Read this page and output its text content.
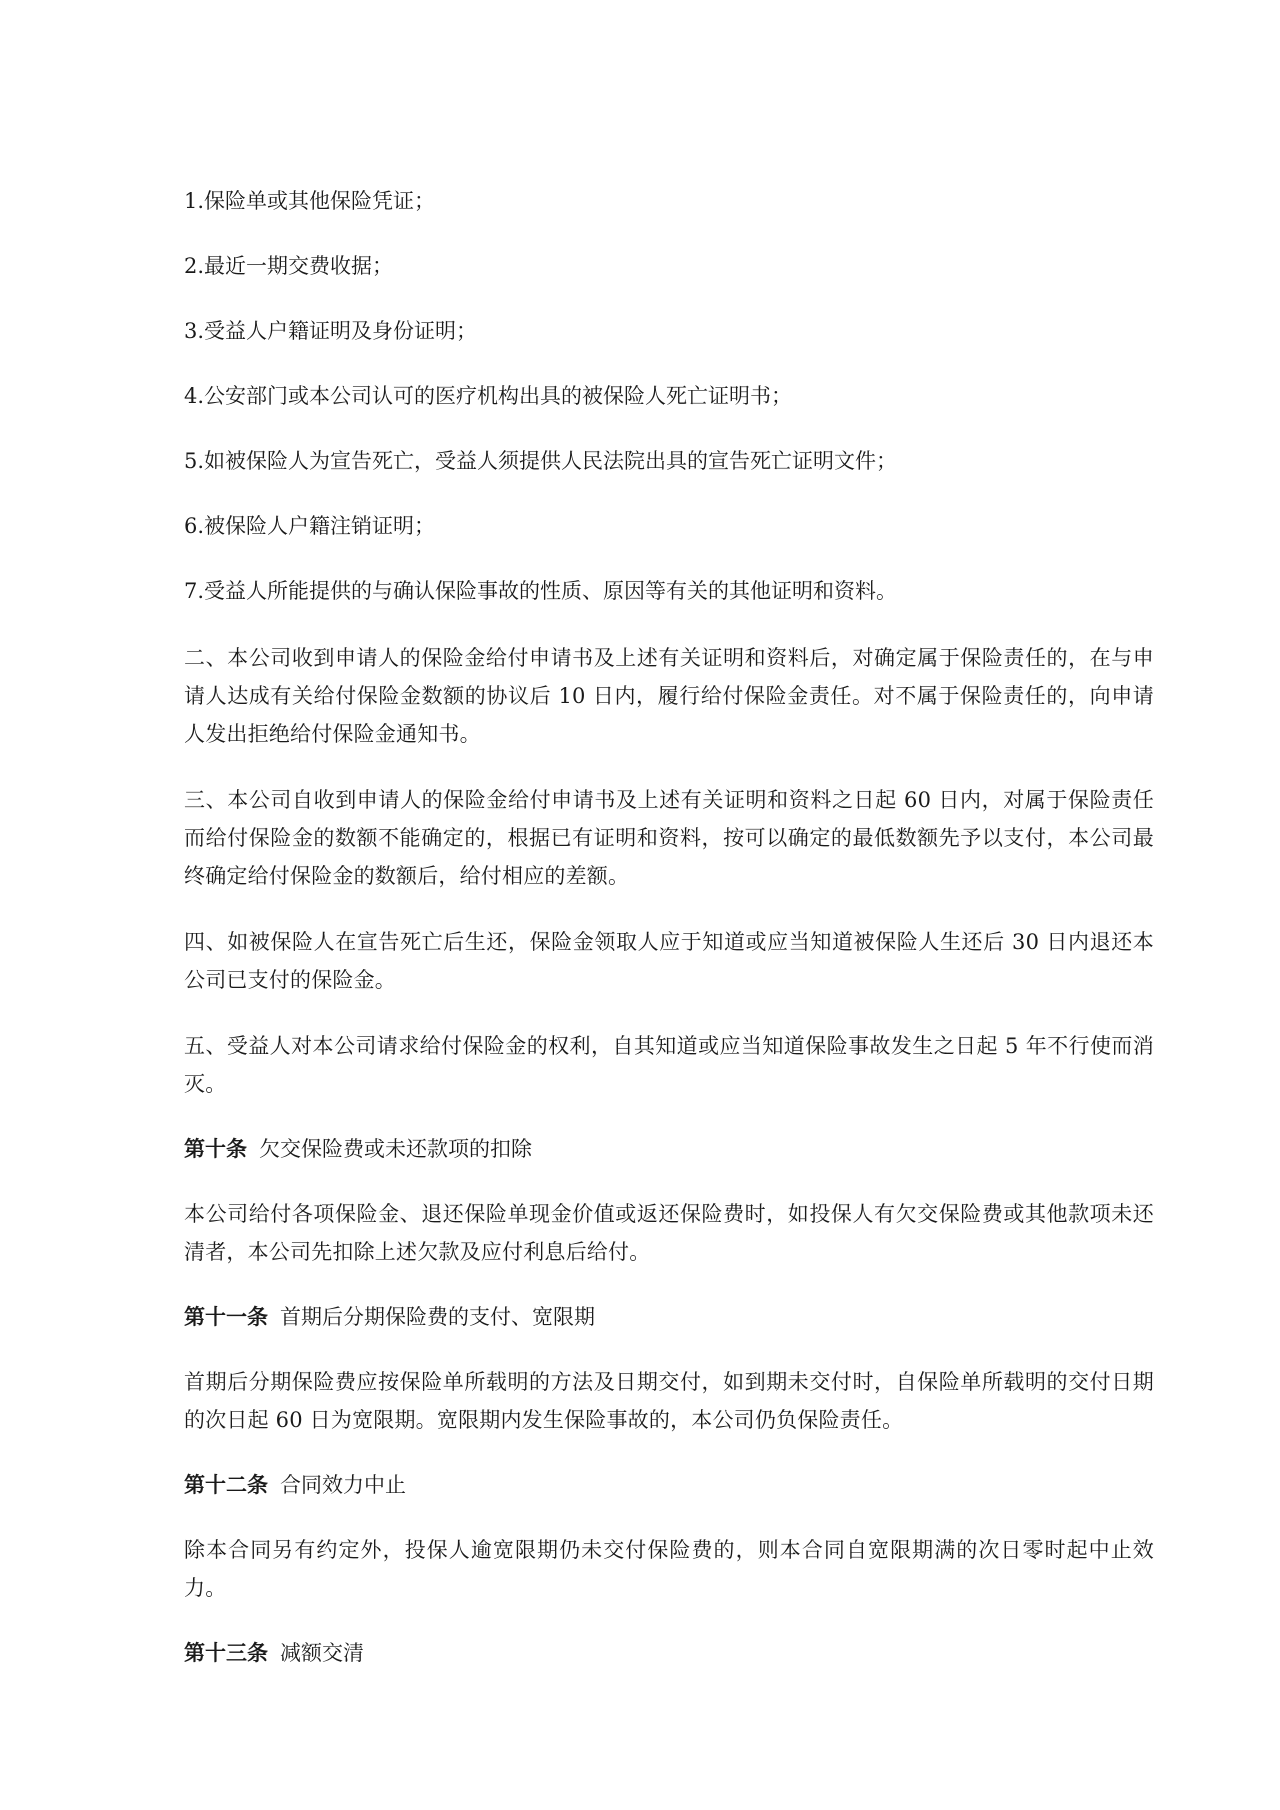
1.保险单或其他保险凭证；

2.最近一期交费收据；

3.受益人户籍证明及身份证明；

4.公安部门或本公司认可的医疗机构出具的被保险人死亡证明书；

5.如被保险人为宣告死亡，受益人须提供人民法院出具的宣告死亡证明文件；

6.被保险人户籍注销证明；

7.受益人所能提供的与确认保险事故的性质、原因等有关的其他证明和资料。

二、本公司收到申请人的保险金给付申请书及上述有关证明和资料后，对确定属于保险责任的，在与申请人达成有关给付保险金数额的协议后 10 日内，履行给付保险金责任。对不属于保险责任的，向申请人发出拒绝给付保险金通知书。

三、本公司自收到申请人的保险金给付申请书及上述有关证明和资料之日起 60 日内，对属于保险责任而给付保险金的数额不能确定的，根据已有证明和资料，按可以确定的最低数额先予以支付，本公司最终确定给付保险金的数额后，给付相应的差额。

四、如被保险人在宣告死亡后生还，保险金领取人应于知道或应当知道被保险人生还后 30 日内退还本公司已支付的保险金。

五、受益人对本公司请求给付保险金的权利，自其知道或应当知道保险事故发生之日起 5 年不行使而消灭。

第十条 欠交保险费或未还款项的扣除

本公司给付各项保险金、退还保险单现金价值或返还保险费时，如投保人有欠交保险费或其他款项未还清者，本公司先扣除上述欠款及应付利息后给付。

第十一条 首期后分期保险费的支付、宽限期

首期后分期保险费应按保险单所载明的方法及日期交付，如到期未交付时，自保险单所载明的交付日期的次日起 60 日为宽限期。宽限期内发生保险事故的，本公司仍负保险责任。

第十二条 合同效力中止

除本合同另有约定外，投保人逾宽限期仍未交付保险费的，则本合同自宽限期满的次日零时起中止效力。

第十三条 减额交清
